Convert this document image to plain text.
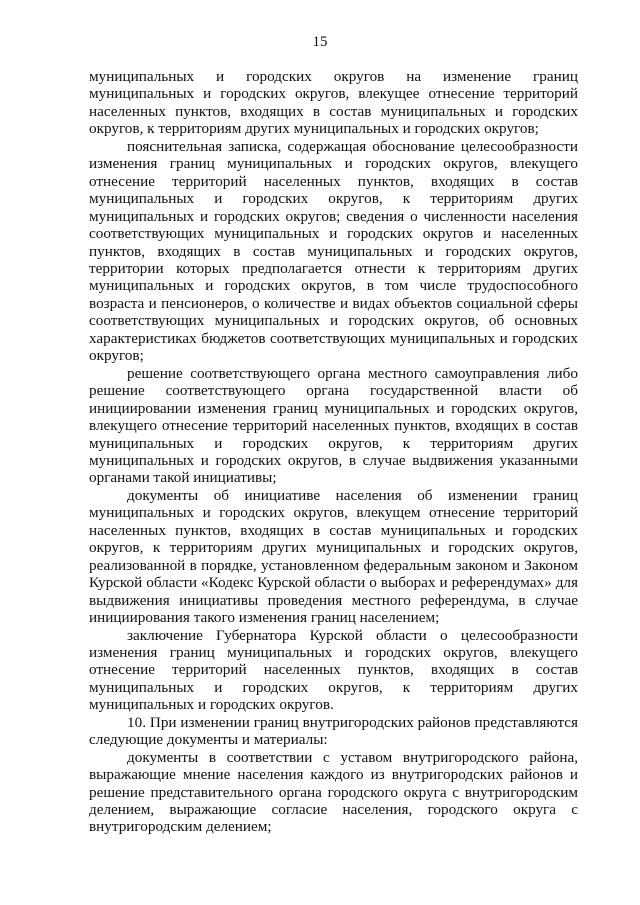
15

муниципальных и городских округов на изменение границ муниципальных и городских округов, влекущее отнесение территорий населенных пунктов, входящих в состав муниципальных и городских округов, к территориям других муниципальных и городских округов;

пояснительная записка, содержащая обоснование целесообразности изменения границ муниципальных и городских округов, влекущего отнесение территорий населенных пунктов, входящих в состав муниципальных и городских округов, к территориям других муниципальных и городских округов; сведения о численности населения соответствующих муниципальных и городских округов и населенных пунктов, входящих в состав муниципальных и городских округов, территории которых предполагается отнести к территориям других муниципальных и городских округов, в том числе трудоспособного возраста и пенсионеров, о количестве и видах объектов социальной сферы соответствующих муниципальных и городских округов, об основных характеристиках бюджетов соответствующих муниципальных и городских округов;

решение соответствующего органа местного самоуправления либо решение соответствующего органа государственной власти об инициировании изменения границ муниципальных и городских округов, влекущего отнесение территорий населенных пунктов, входящих в состав муниципальных и городских округов, к территориям других муниципальных и городских округов, в случае выдвижения указанными органами такой инициативы;

документы об инициативе населения об изменении границ муниципальных и городских округов, влекущем отнесение территорий населенных пунктов, входящих в состав муниципальных и городских округов, к территориям других муниципальных и городских округов, реализованной в порядке, установленном федеральным законом и Законом Курской области «Кодекс Курской области о выборах и референдумах» для выдвижения инициативы проведения местного референдума, в случае инициирования такого изменения границ населением;

заключение Губернатора Курской области о целесообразности изменения границ муниципальных и городских округов, влекущего отнесение территорий населенных пунктов, входящих в состав муниципальных и городских округов, к территориям других муниципальных и городских округов.

10. При изменении границ внутригородских районов представляются следующие документы и материалы:

документы в соответствии с уставом внутригородского района, выражающие мнение населения каждого из внутригородских районов и решение представительного органа городского округа с внутригородским делением, выражающие согласие населения, городского округа с внутригородским делением;
